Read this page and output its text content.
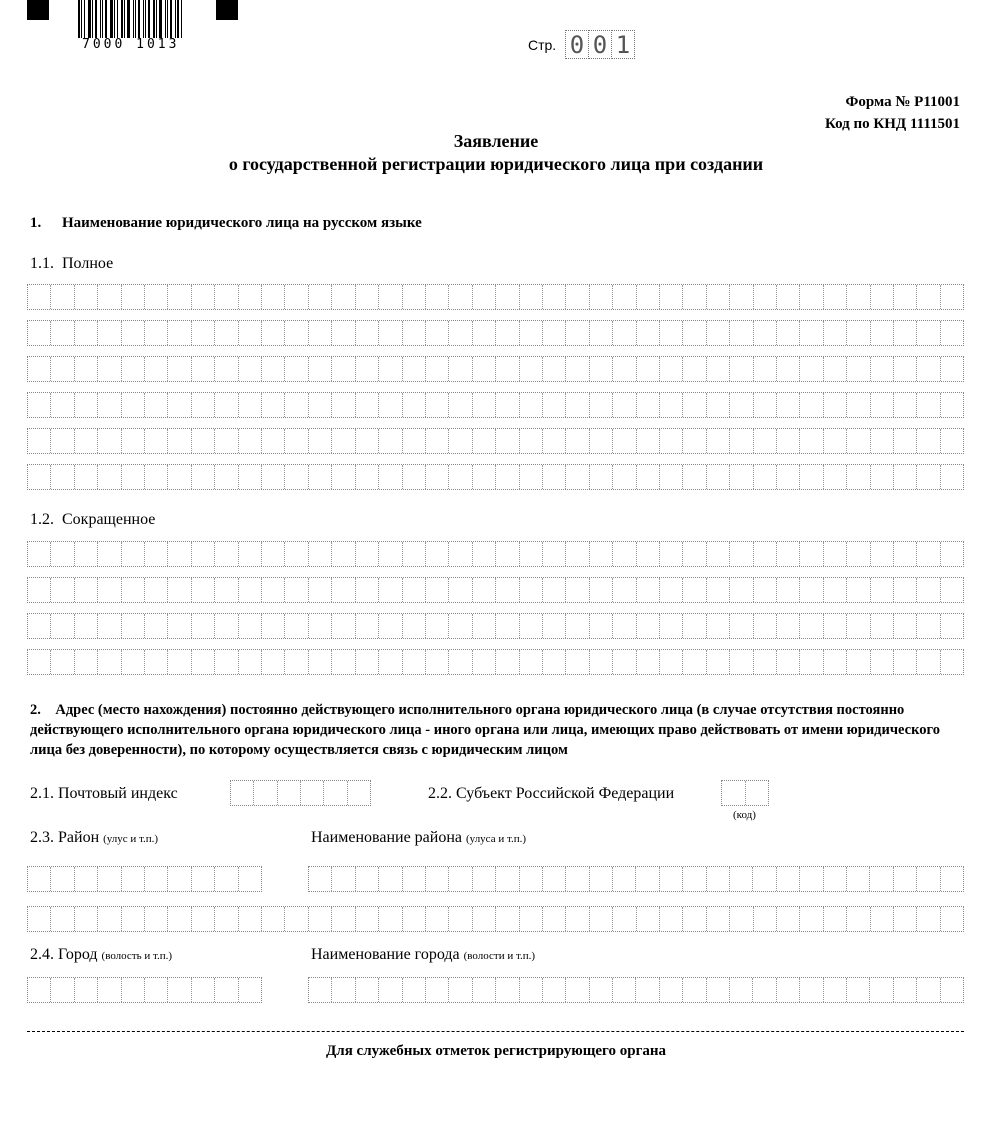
7000 1013	Стр. 0 0 1
Форма № Р11001
Код по КНД 1111501
Заявление
о государственной регистрации юридического лица при создании
1. Наименование юридического лица на русском языке
1.1.  Полное
1.2.  Сокращенное
2. Адрес (место нахождения) постоянно действующего исполнительного органа юридического лица (в случае отсутствия постоянно действующего исполнительного органа юридического лица - иного органа или лица, имеющих право действовать от имени юридического лица без доверенности), по которому осуществляется связь с юридическим лицом
2.1. Почтовый индекс	2.2. Субъект Российской Федерации
(код)
2.3. Район (улус и т.п.)	Наименование района (улуса и т.п.)
2.4. Город (волость и т.п.)	Наименование города (волости и т.п.)
Для служебных отметок регистрирующего органа
